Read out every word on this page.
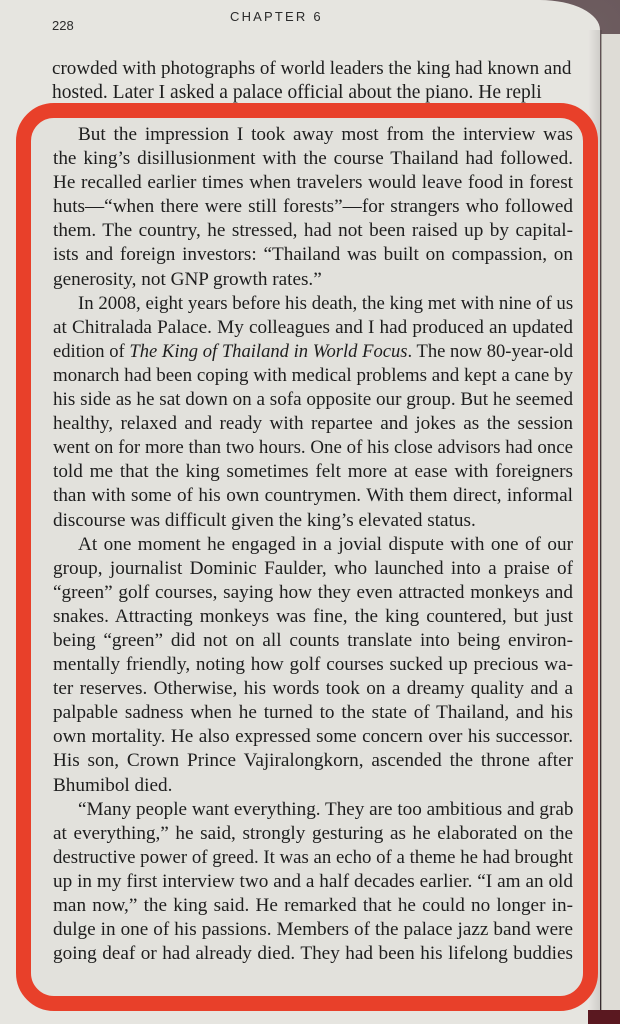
228
CHAPTER 6
crowded with photographs of world leaders the king had known and
hosted. Later I asked a palace official about the piano. He repli
But the impression I took away most from the interview was
the king’s disillusionment with the course Thailand had followed.
He recalled earlier times when travelers would leave food in forest
huts—“when there were still forests”—for strangers who followed
them. The country, he stressed, had not been raised up by capital-
ists and foreign investors: “Thailand was built on compassion, on
generosity, not GNP growth rates.”
In 2008, eight years before his death, the king met with nine of us
at Chitralada Palace. My colleagues and I had produced an updated
edition of The King of Thailand in World Focus. The now 80-year-old
monarch had been coping with medical problems and kept a cane by
his side as he sat down on a sofa opposite our group. But he seemed
healthy, relaxed and ready with repartee and jokes as the session
went on for more than two hours. One of his close advisors had once
told me that the king sometimes felt more at ease with foreigners
than with some of his own countrymen. With them direct, informal
discourse was difficult given the king’s elevated status.
At one moment he engaged in a jovial dispute with one of our
group, journalist Dominic Faulder, who launched into a praise of
“green” golf courses, saying how they even attracted monkeys and
snakes. Attracting monkeys was fine, the king countered, but just
being “green” did not on all counts translate into being environ-
mentally friendly, noting how golf courses sucked up precious wa-
ter reserves. Otherwise, his words took on a dreamy quality and a
palpable sadness when he turned to the state of Thailand, and his
own mortality. He also expressed some concern over his successor.
His son, Crown Prince Vajiralongkorn, ascended the throne after
Bhumibol died.
“Many people want everything. They are too ambitious and grab
at everything,” he said, strongly gesturing as he elaborated on the
destructive power of greed. It was an echo of a theme he had brought
up in my first interview two and a half decades earlier. “I am an old
man now,” the king said. He remarked that he could no longer in-
dulge in one of his passions. Members of the palace jazz band were
going deaf or had already died. They had been his lifelong buddies
